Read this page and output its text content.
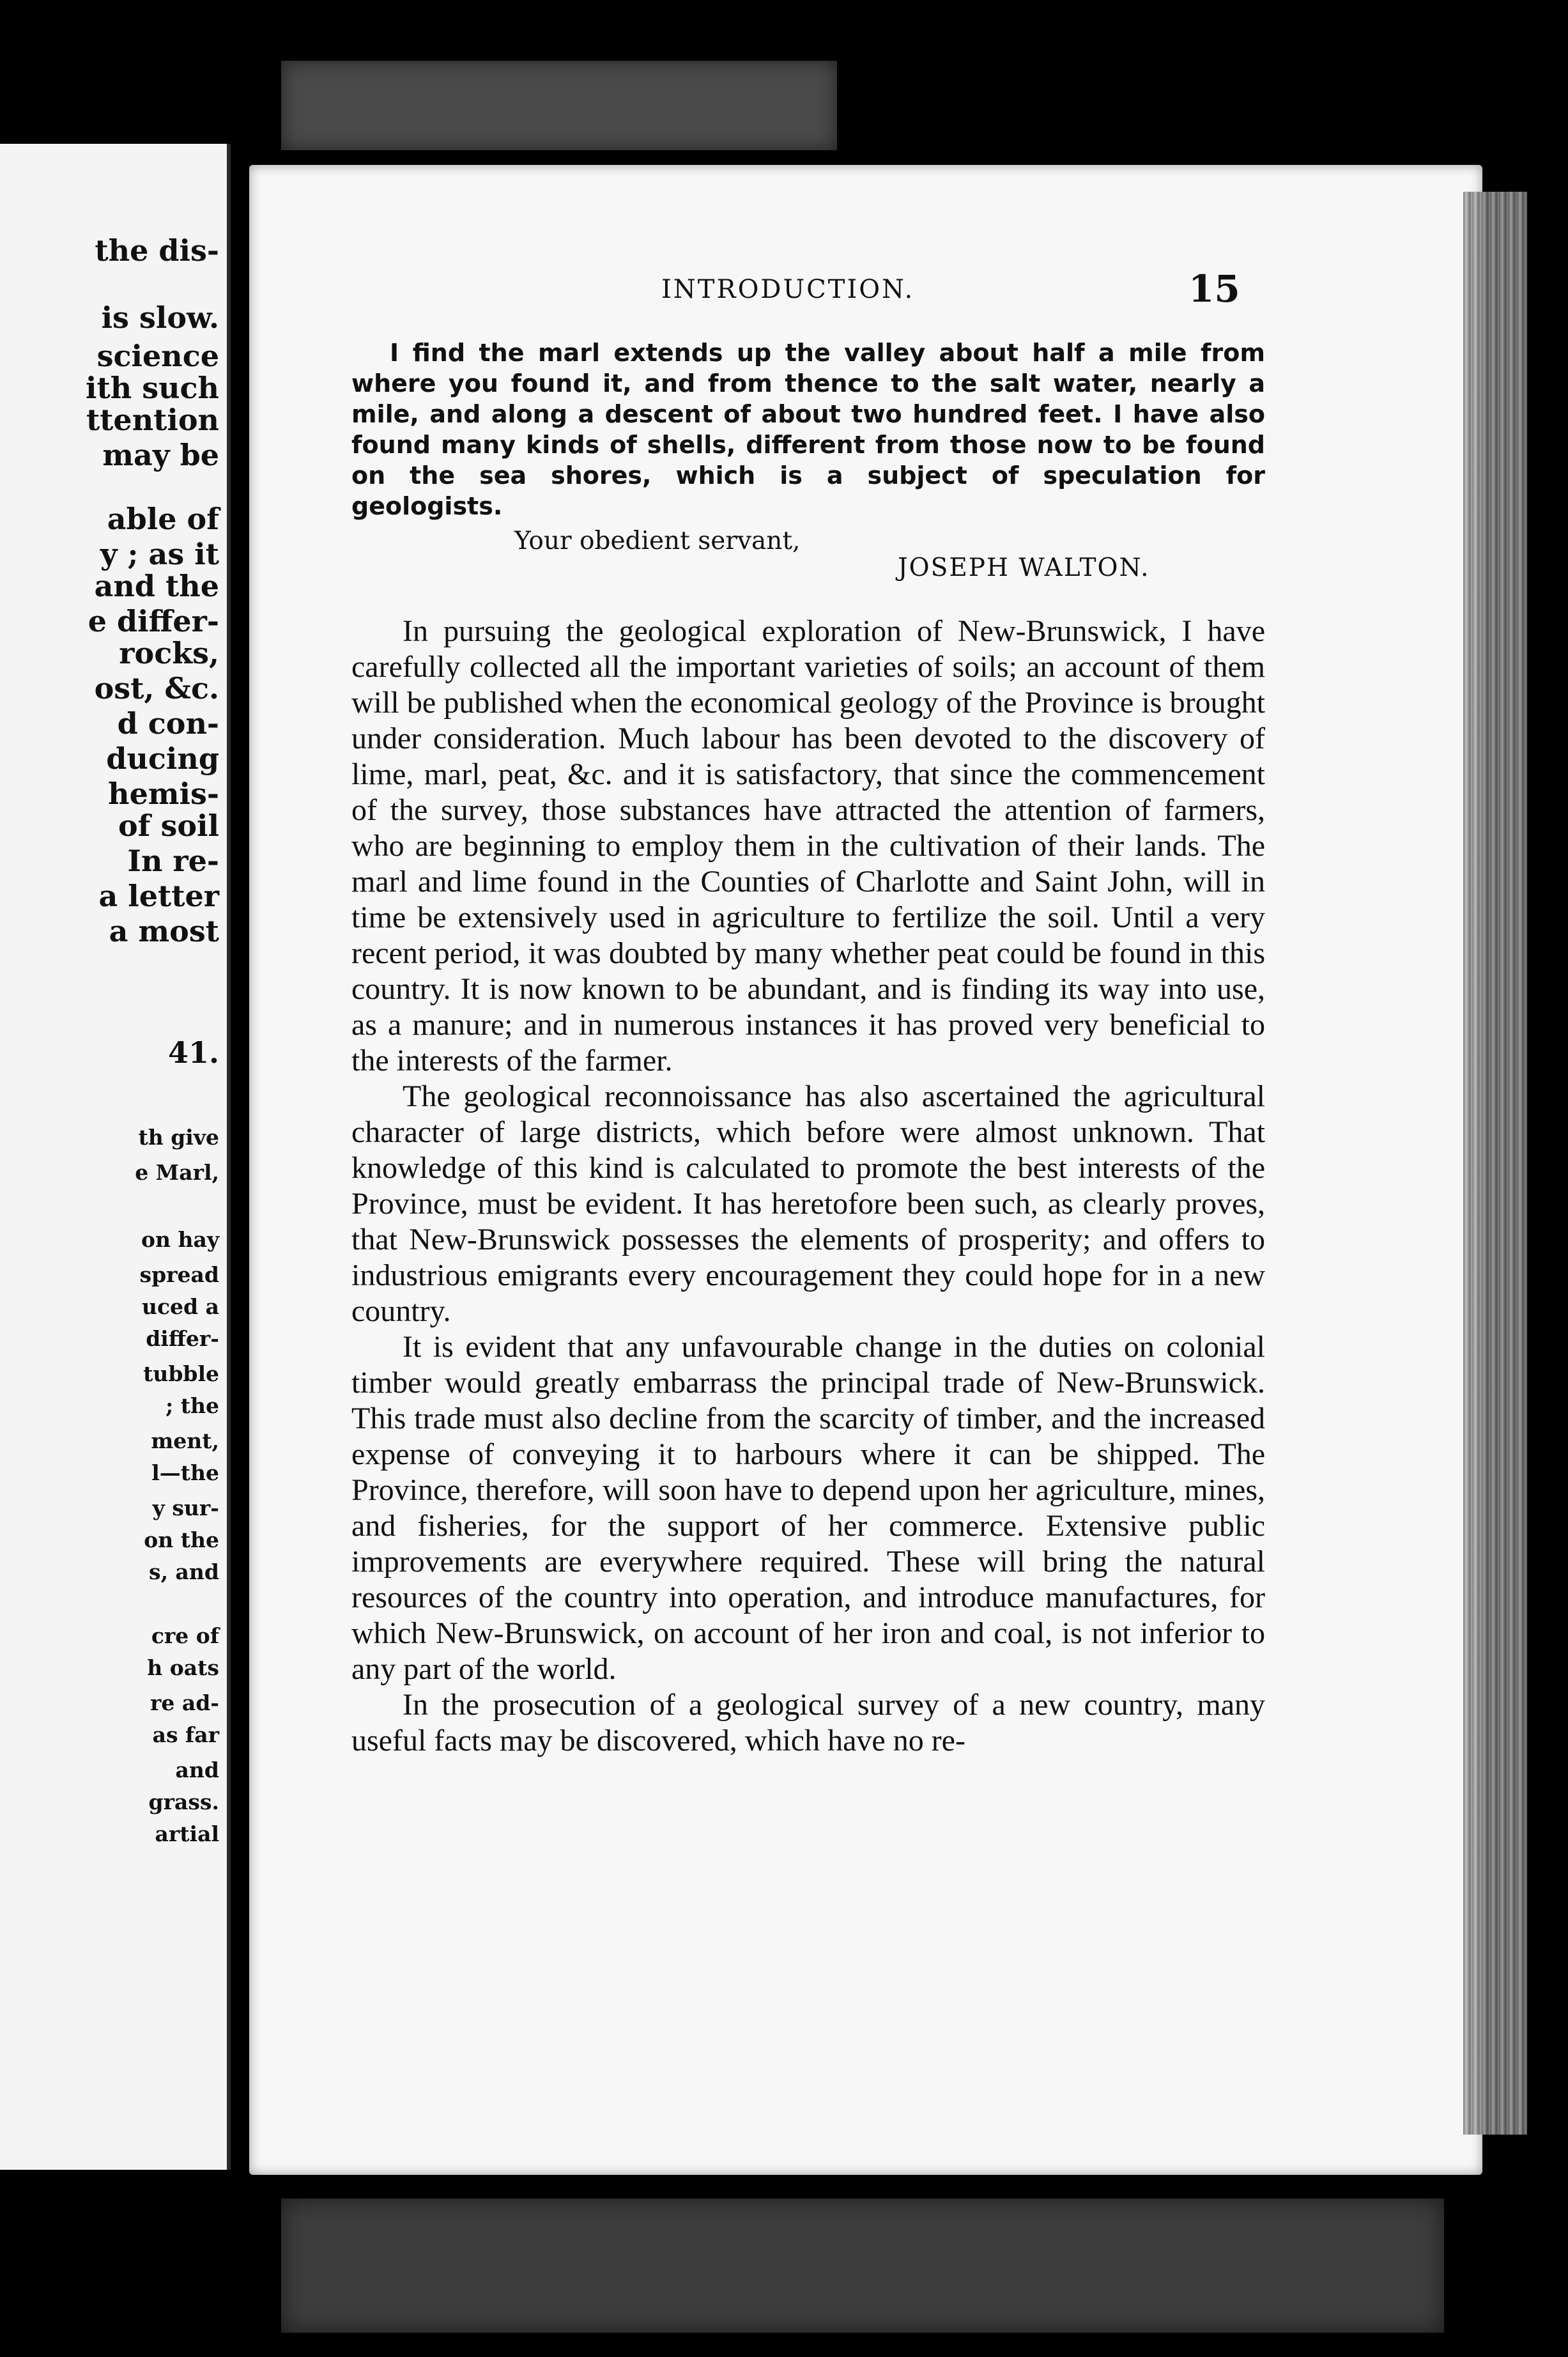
the dis-
is slow.
science
ith such
ttention
may be
able of
y ; as it
and the
e differ-
rocks,
ost, &c.
d con-
ducing
hemis-
of soil
In re-
a letter
a most
41.
th give
e Marl,
on hay
spread
uced a
differ-
tubble
; the
ment,
l—the
y sur-
on the
s, and
cre of
h oats
re ad-
as far
and
grass.
artial
INTRODUCTION.	15

I find the marl extends up the valley about half a mile from where you found it, and from thence to the salt water, nearly a mile, and along a descent of about two hundred feet. I have also found many kinds of shells, different from those now to be found on the sea shores, which is a subject of speculation for geologists.

Your obedient servant,
JOSEPH WALTON.

In pursuing the geological exploration of New-Brunswick, I have carefully collected all the important varieties of soils; an account of them will be published when the economical geology of the Province is brought under consideration. Much labour has been devoted to the discovery of lime, marl, peat, &c. and it is satisfactory, that since the commencement of the survey, those substances have attracted the attention of farmers, who are beginning to employ them in the cultivation of their lands. The marl and lime found in the Counties of Charlotte and Saint John, will in time be extensively used in agriculture to fertilize the soil. Until a very recent period, it was doubted by many whether peat could be found in this country. It is now known to be abundant, and is finding its way into use, as a manure; and in numerous instances it has proved very beneficial to the interests of the farmer.

The geological reconnoissance has also ascertained the agricultural character of large districts, which before were almost unknown. That knowledge of this kind is calculated to promote the best interests of the Province, must be evident. It has heretofore been such, as clearly proves, that New-Brunswick possesses the elements of prosperity; and offers to industrious emigrants every encouragement they could hope for in a new country.

It is evident that any unfavourable change in the duties on colonial timber would greatly embarrass the principal trade of New-Brunswick. This trade must also decline from the scarcity of timber, and the increased expense of conveying it to harbours where it can be shipped. The Province, therefore, will soon have to depend upon her agriculture, mines, and fisheries, for the support of her commerce. Extensive public improvements are everywhere required. These will bring the natural resources of the country into operation, and introduce manufactures, for which New-Brunswick, on account of her iron and coal, is not inferior to any part of the world.

In the prosecution of a geological survey of a new country, many useful facts may be discovered, which have no re-
